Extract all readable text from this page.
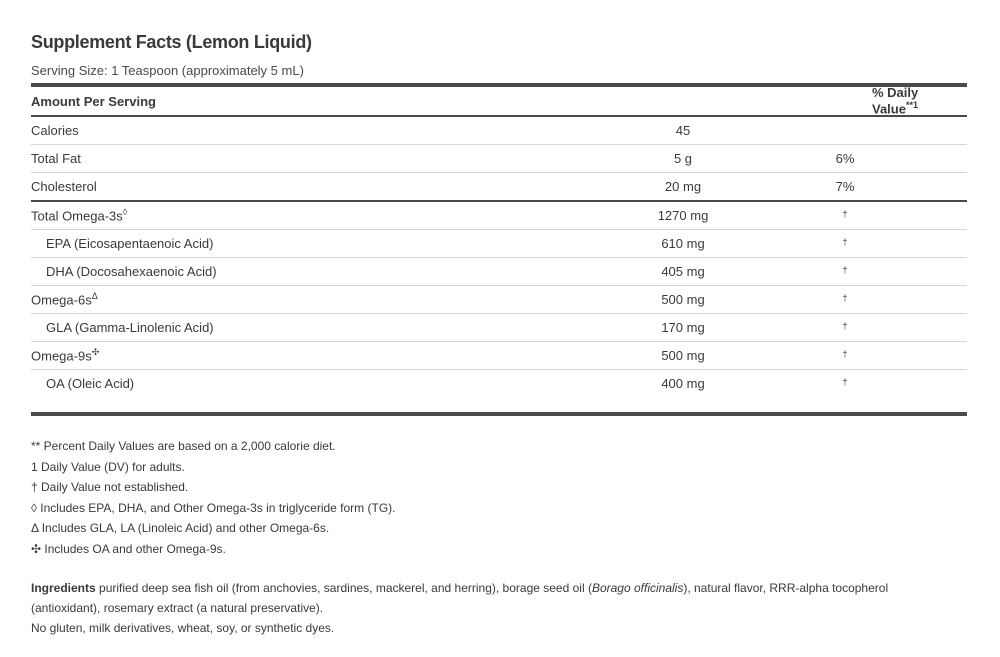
Supplement Facts (Lemon Liquid)
Serving Size: 1 Teaspoon (approximately 5 mL)
Amount Per Serving
% Daily Value$^{**1}$
Calories	45
Total Fat	5 g	6%
Cholesterol	20 mg	7%
Total Omega-3s◊	1270 mg	†
EPA (Eicosapentaenoic Acid)	610 mg	†
DHA (Docosahexaenoic Acid)	405 mg	†
Omega-$6s^\Delta$	500 mg	†
GLA (Gamma-Linolenic Acid)	170 mg	†
Omega-9s✣	500 mg	†
OA (Oleic Acid)	400 mg	†
** Percent Daily Values are based on a 2,000 calorie diet.
1 Daily Value (DV) for adults.
† Daily Value not established.
◊ Includes EPA, DHA, and Other Omega-3s in triglyceride form (TG).
Δ Includes GLA, LA (Linoleic Acid) and other Omega-6s.
✣ Includes OA and other Omega-9s.
Ingredients purified deep sea fish oil (from anchovies, sardines, mackerel, and herring), borage seed oil (Borago officinalis), natural flavor, RRR-alpha tocopherol (antioxidant), rosemary extract (a natural preservative).
No gluten, milk derivatives, wheat, soy, or synthetic dyes.
